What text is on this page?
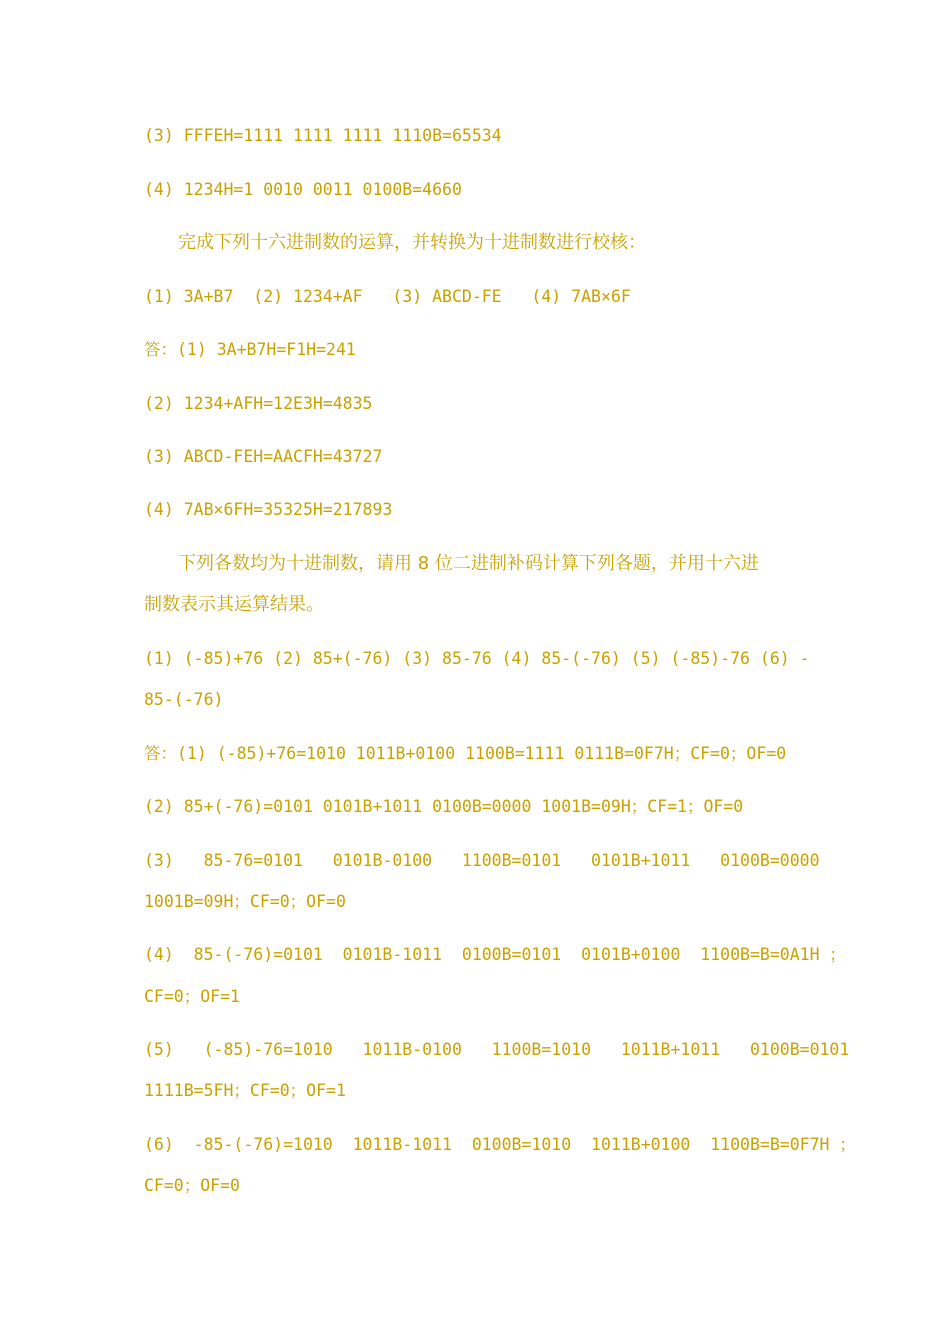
(3) FFFEH=1111 1111 1111 1110B=65534

(4) 1234H=1 0010 0011 0100B=4660

完成下列十六进制数的运算，并转换为十进制数进行校核：

(1) 3A+B7  (2) 1234+AF   (3) ABCD-FE   (4) 7AB×6F

答：(1) 3A+B7H=F1H=241

(2) 1234+AFH=12E3H=4835

(3) ABCD-FEH=AACFH=43727

(4) 7AB×6FH=35325H=217893

下列各数均为十进制数，请用 8 位二进制补码计算下列各题，并用十六进

制数表示其运算结果。

(1) (-85)+76 (2) 85+(-76) (3) 85-76 (4) 85-(-76) (5) (-85)-76 (6) -

85-(-76)

答：(1) (-85)+76=1010 1011B+0100 1100B=1111 0111B=0F7H；CF=0；OF=0

(2) 85+(-76)=0101 0101B+1011 0100B=0000 1001B=09H；CF=1；OF=0

(3)   85-76=0101   0101B-0100   1100B=0101   0101B+1011   0100B=0000

1001B=09H；CF=0；OF=0

(4)  85-(-76)=0101  0101B-1011  0100B=0101  0101B+0100  1100B=B=0A1H ；

CF=0；OF=1

(5)   (-85)-76=1010   1011B-0100   1100B=1010   1011B+1011   0100B=0101

1111B=5FH；CF=0；OF=1

(6)  -85-(-76)=1010  1011B-1011  0100B=1010  1011B+0100  1100B=B=0F7H ；

CF=0；OF=0
